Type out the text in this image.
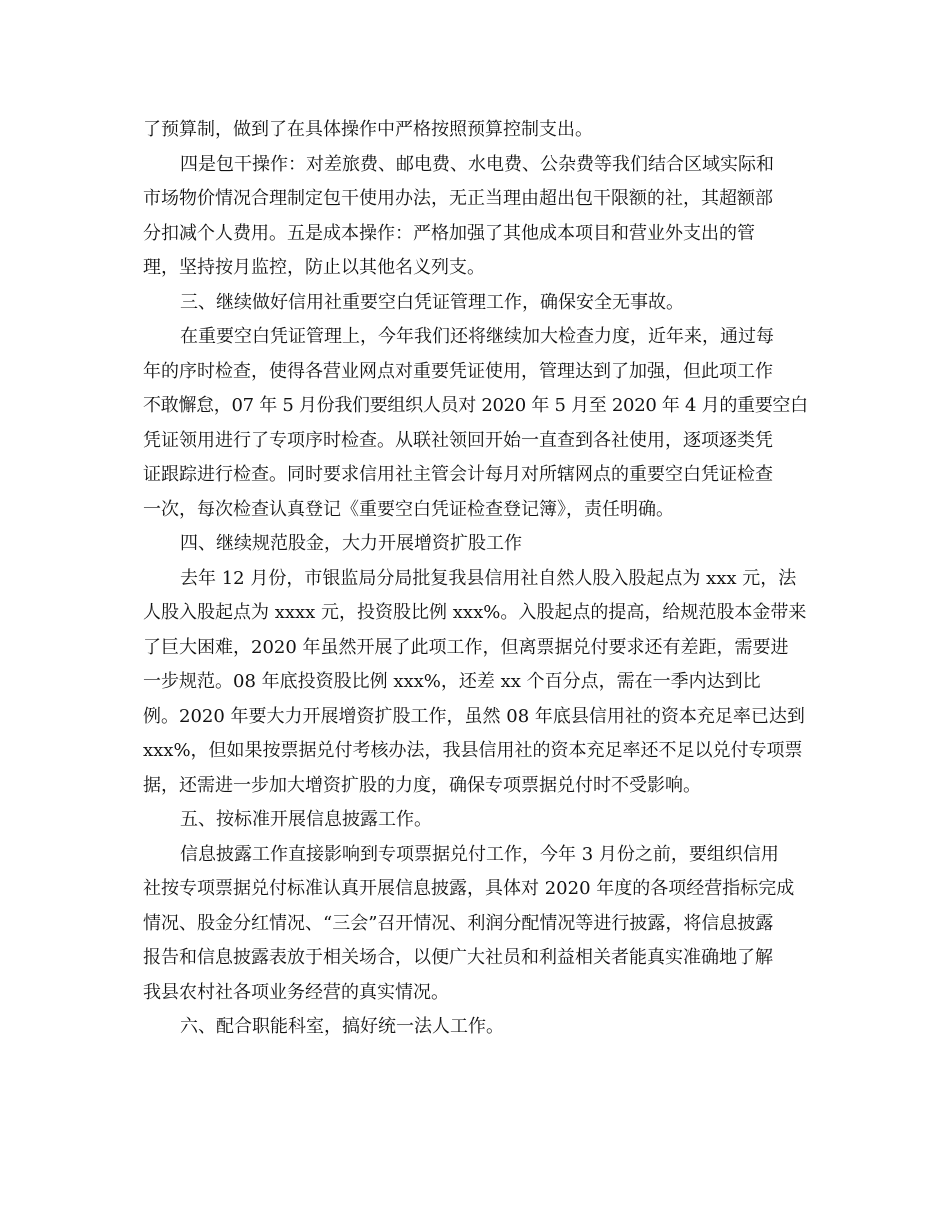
了预算制，做到了在具体操作中严格按照预算控制支出。
四是包干操作：对差旅费、邮电费、水电费、公杂费等我们结合区域实际和
市场物价情况合理制定包干使用办法，无正当理由超出包干限额的社，其超额部
分扣减个人费用。五是成本操作：严格加强了其他成本项目和营业外支出的管
理，坚持按月监控，防止以其他名义列支。
三、继续做好信用社重要空白凭证管理工作，确保安全无事故。
在重要空白凭证管理上，今年我们还将继续加大检查力度，近年来，通过每
年的序时检查，使得各营业网点对重要凭证使用，管理达到了加强，但此项工作
不敢懈怠，07 年 5 月份我们要组织人员对 2020 年 5 月至 2020 年 4 月的重要空白
凭证领用进行了专项序时检查。从联社领回开始一直查到各社使用，逐项逐类凭
证跟踪进行检查。同时要求信用社主管会计每月对所辖网点的重要空白凭证检查
一次，每次检查认真登记《重要空白凭证检查登记簿》，责任明确。
四、继续规范股金，大力开展增资扩股工作
去年 12 月份，市银监局分局批复我县信用社自然人股入股起点为 xxx 元，法
人股入股起点为 xxxx 元，投资股比例 xxx%。入股起点的提高，给规范股本金带来
了巨大困难，2020 年虽然开展了此项工作，但离票据兑付要求还有差距，需要进
一步规范。08 年底投资股比例 xxx%，还差 xx 个百分点，需在一季内达到比
例。2020 年要大力开展增资扩股工作，虽然 08 年底县信用社的资本充足率已达到
xxx%，但如果按票据兑付考核办法，我县信用社的资本充足率还不足以兑付专项票
据，还需进一步加大增资扩股的力度，确保专项票据兑付时不受影响。
五、按标准开展信息披露工作。
信息披露工作直接影响到专项票据兑付工作，今年 3 月份之前，要组织信用
社按专项票据兑付标准认真开展信息披露，具体对 2020 年度的各项经营指标完成
情况、股金分红情况、“三会”召开情况、利润分配情况等进行披露，将信息披露
报告和信息披露表放于相关场合，以便广大社员和利益相关者能真实准确地了解
我县农村社各项业务经营的真实情况。
六、配合职能科室，搞好统一法人工作。
